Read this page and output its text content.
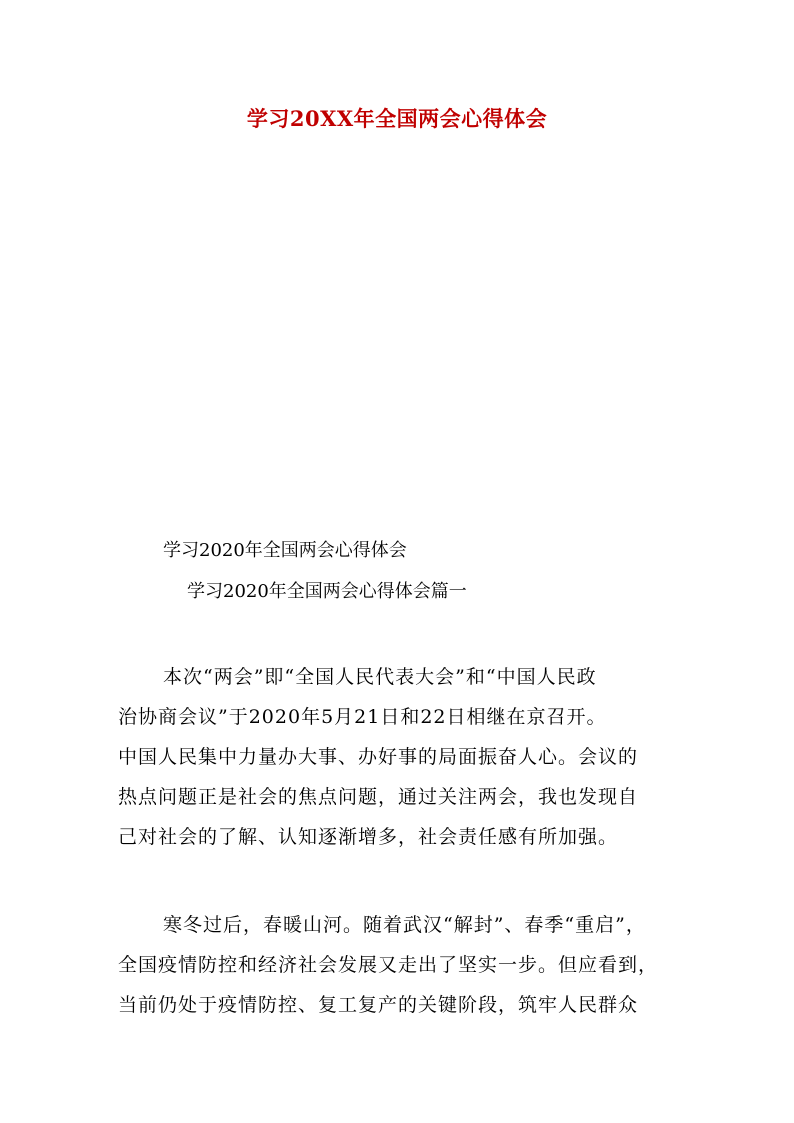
学习20XX年全国两会心得体会
学习2020年全国两会心得体会
学习2020年全国两会心得体会篇一
本次“两会”即“全国人民代表大会”和“中国人民政
治协商会议”于2020年5月21日和22日相继在京召开。
中国人民集中力量办大事、办好事的局面振奋人心。会议的
热点问题正是社会的焦点问题，通过关注两会，我也发现自
己对社会的了解、认知逐渐增多，社会责任感有所加强。
寒冬过后，春暖山河。随着武汉“解封”、春季“重启”，
全国疫情防控和经济社会发展又走出了坚实一步。但应看到，
当前仍处于疫情防控、复工复产的关键阶段，筑牢人民群众
